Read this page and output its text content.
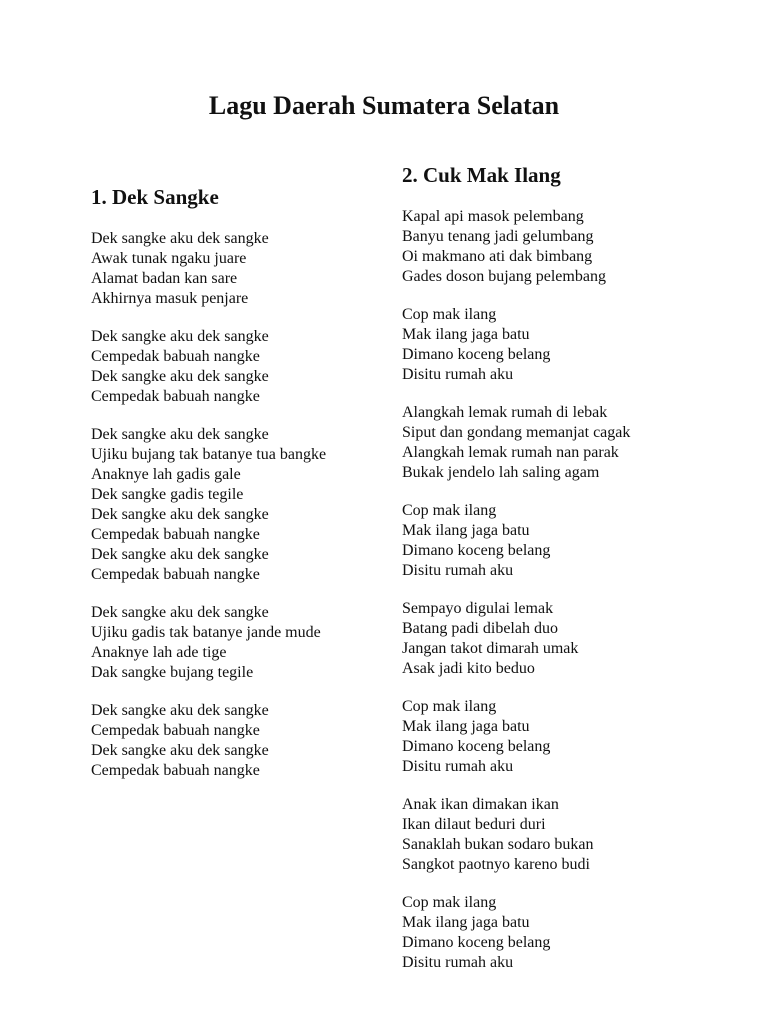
Lagu Daerah Sumatera Selatan
1. Dek Sangke
Dek sangke aku dek sangke
Awak tunak ngaku juare
Alamat badan kan sare
Akhirnya masuk penjare
Dek sangke aku dek sangke
Cempedak babuah nangke
Dek sangke aku dek sangke
Cempedak babuah nangke
Dek sangke aku dek sangke
Ujiku bujang tak batanye tua bangke
Anaknye lah gadis gale
Dek sangke gadis tegile
Dek sangke aku dek sangke
Cempedak babuah nangke
Dek sangke aku dek sangke
Cempedak babuah nangke
Dek sangke aku dek sangke
Ujiku gadis tak batanye jande mude
Anaknye lah ade tige
Dak sangke bujang tegile
Dek sangke aku dek sangke
Cempedak babuah nangke
Dek sangke aku dek sangke
Cempedak babuah nangke
2. Cuk Mak Ilang
Kapal api masok pelembang
Banyu tenang jadi gelumbang
Oi makmano ati dak bimbang
Gades doson bujang pelembang
Cop mak ilang
Mak ilang jaga batu
Dimano koceng belang
Disitu rumah aku
Alangkah lemak rumah di lebak
Siput dan gondang memanjat cagak
Alangkah lemak rumah nan parak
Bukak jendelo lah saling agam
Cop mak ilang
Mak ilang jaga batu
Dimano koceng belang
Disitu rumah aku
Sempayo digulai lemak
Batang padi dibelah duo
Jangan takot dimarah umak
Asak jadi kito beduo
Cop mak ilang
Mak ilang jaga batu
Dimano koceng belang
Disitu rumah aku
Anak ikan dimakan ikan
Ikan dilaut beduri duri
Sanaklah bukan sodaro bukan
Sangkot paotnyo kareno budi
Cop mak ilang
Mak ilang jaga batu
Dimano koceng belang
Disitu rumah aku
